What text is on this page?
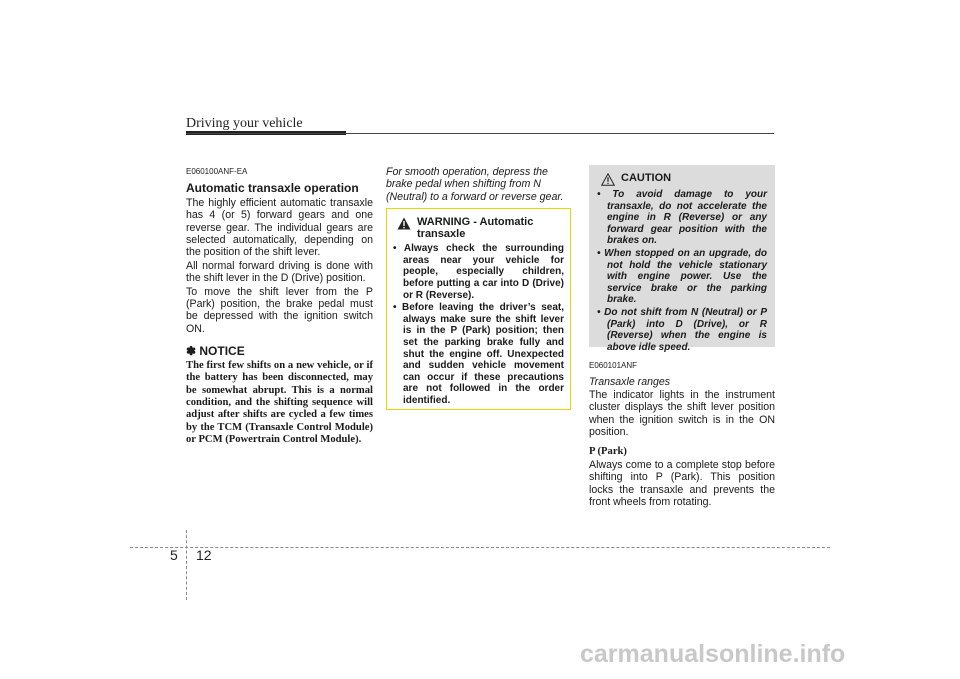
Driving your vehicle
E060100ANF-EA
Automatic transaxle operation

The highly efficient automatic transaxle has 4 (or 5) forward gears and one reverse gear. The individual gears are selected automatically, depending on the position of the shift lever.

All normal forward driving is done with the shift lever in the D (Drive) position.

To move the shift lever from the P (Park) position, the brake pedal must be depressed with the ignition switch ON.

✽ NOTICE

The first few shifts on a new vehicle, or if the battery has been disconnected, may be somewhat abrupt. This is a normal condition, and the shifting sequence will adjust after shifts are cycled a few times by the TCM (Transaxle Control Module) or PCM (Powertrain Control Module).

For smooth operation, depress the brake pedal when shifting from N (Neutral) to a forward or reverse gear.

WARNING - Automatic transaxle
• Always check the surrounding areas near your vehicle for people, especially children, before putting a car into D (Drive) or R (Reverse).
• Before leaving the driver’s seat, always make sure the shift lever is in the P (Park) position; then set the parking brake fully and shut the engine off. Unexpected and sudden vehicle movement can occur if these precautions are not followed in the order identified.
CAUTION
• To avoid damage to your transaxle, do not accelerate the engine in R (Reverse) or any forward gear position with the brakes on.
• When stopped on an upgrade, do not hold the vehicle stationary with engine power. Use the service brake or the parking brake.
• Do not shift from N (Neutral) or P (Park) into D (Drive), or R (Reverse) when the engine is above idle speed.
E060101ANF
Transaxle ranges

The indicator lights in the instrument cluster displays the shift lever position when the ignition switch is in the ON position.

P (Park)

Always come to a complete stop before shifting into P (Park). This position locks the transaxle and prevents the front wheels from rotating.

5 12
carmanualsonline.info
